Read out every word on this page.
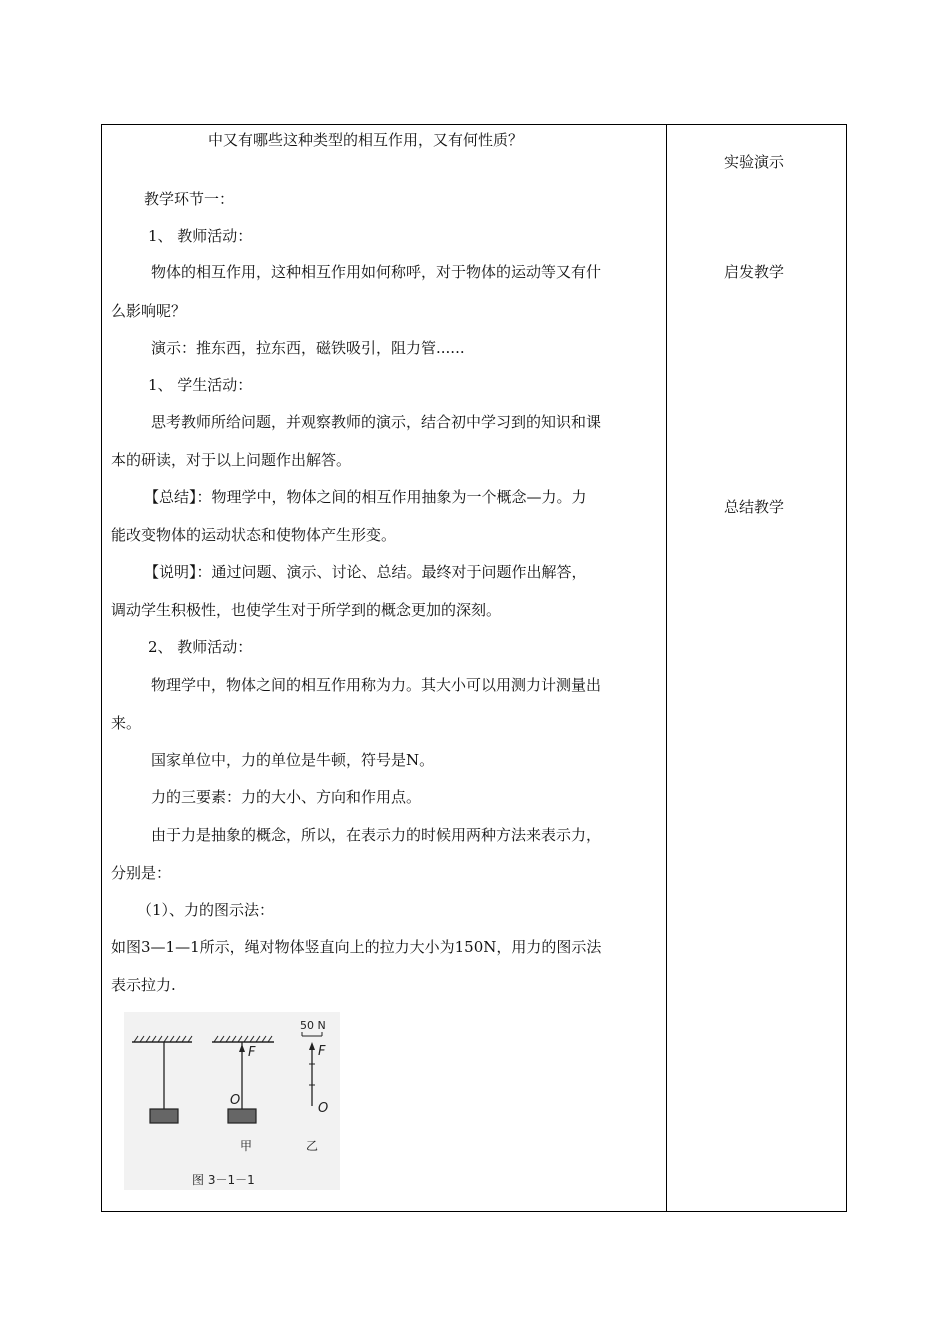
中又有哪些这种类型的相互作用，又有何性质？
教学环节一：
1、 教师活动：
物体的相互作用，这种相互作用如何称呼，对于物体的运动等又有什
么影响呢？
演示：推东西，拉东西，磁铁吸引，阻力管......
1、 学生活动：
思考教师所给问题，并观察教师的演示，结合初中学习到的知识和课
本的研读，对于以上问题作出解答。
【总结】：物理学中，物体之间的相互作用抽象为一个概念—力。力
能改变物体的运动状态和使物体产生形变。
【说明】：通过问题、演示、讨论、总结。最终对于问题作出解答，
调动学生积极性，也使学生对于所学到的概念更加的深刻。
2、 教师活动：
物理学中，物体之间的相互作用称为力。其大小可以用测力计测量出
来。
国家单位中，力的单位是牛顿，符号是N。
力的三要素：力的大小、方向和作用点。
由于力是抽象的概念，所以，在表示力的时候用两种方法来表示力，
分别是：
（1）、力的图示法：
如图3—1—1所示，绳对物体竖直向上的拉力大小为150N，用力的图示法
表示拉力.
实验演示
启发教学
总结教学
F
O
甲
50 N
F
O
乙
图 3－1－1
